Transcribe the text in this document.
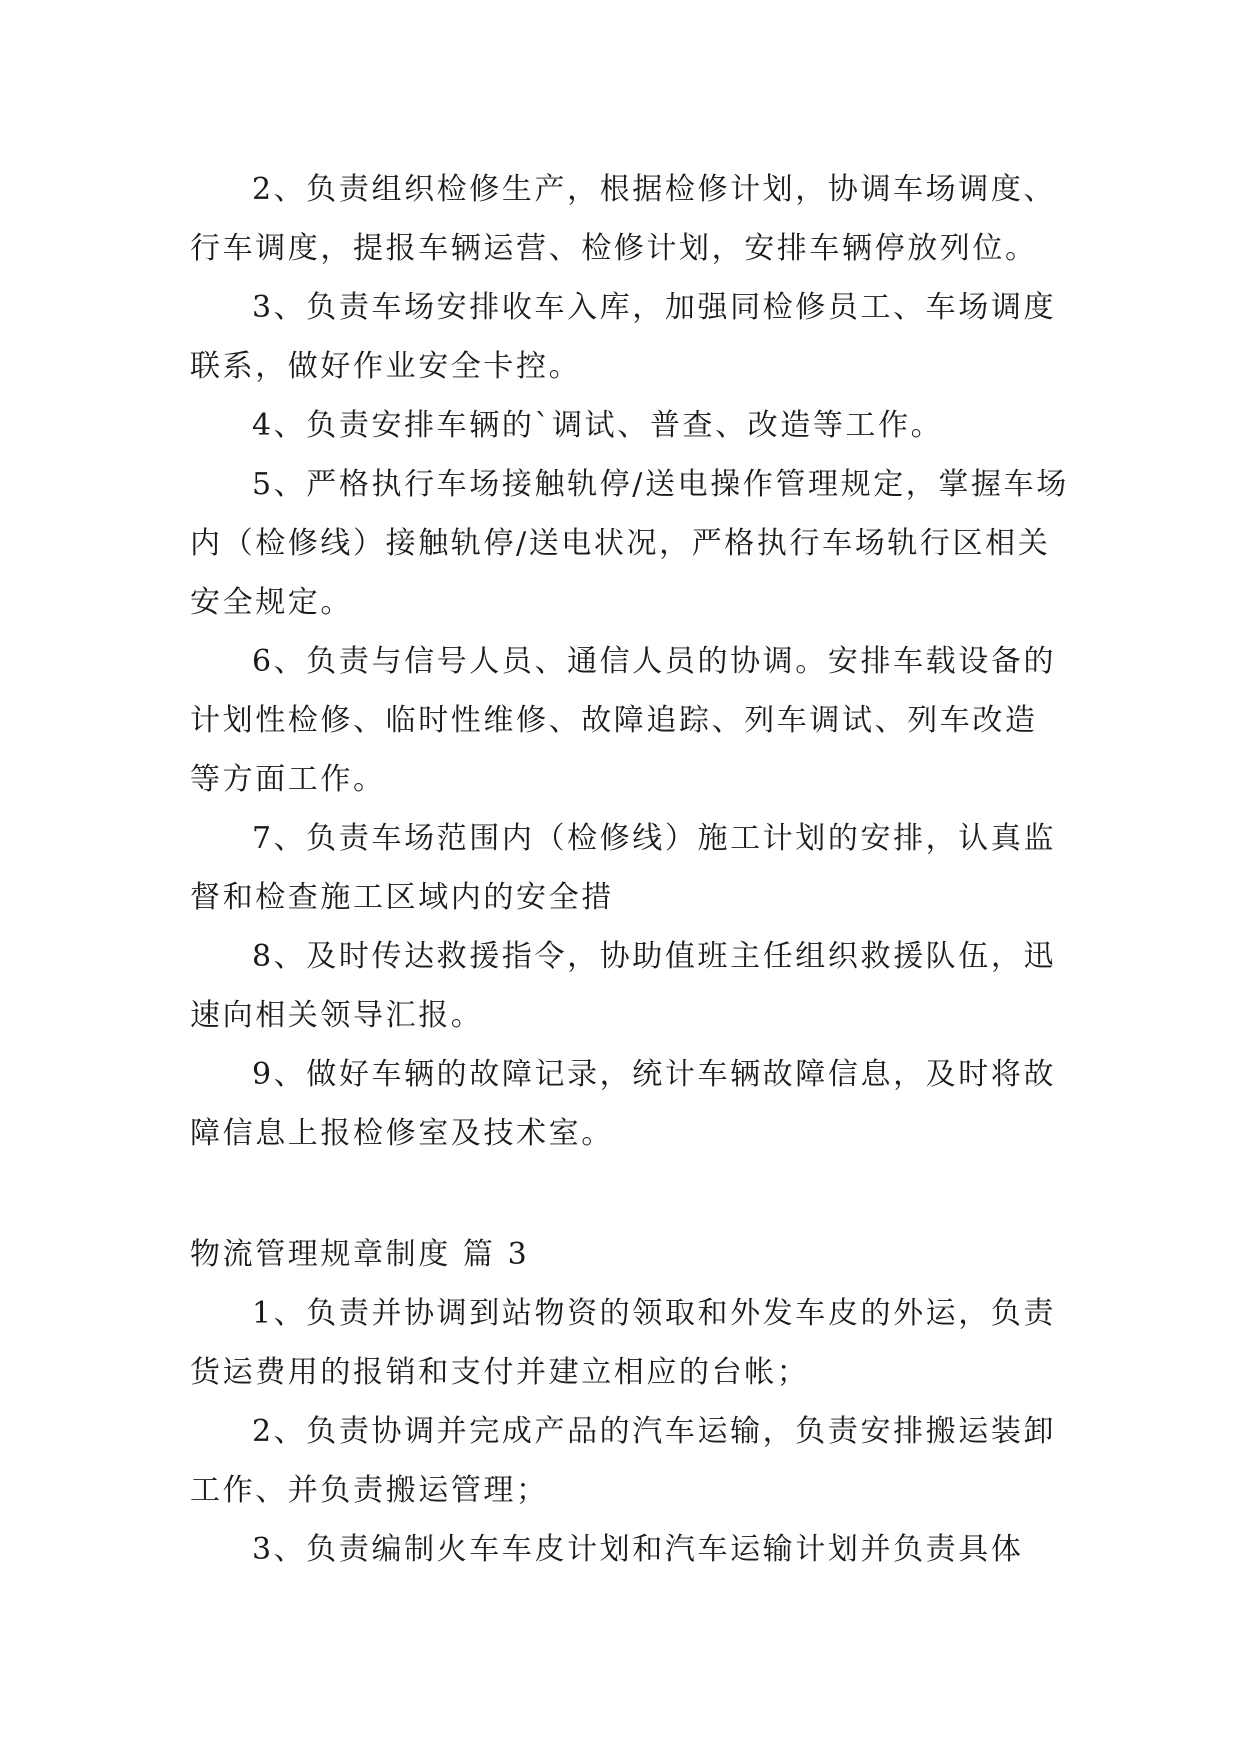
2、负责组织检修生产，根据检修计划，协调车场调度、行车调度，提报车辆运营、检修计划，安排车辆停放列位。

3、负责车场安排收车入库，加强同检修员工、车场调度联系，做好作业安全卡控。

4、负责安排车辆的`调试、普查、改造等工作。

5、严格执行车场接触轨停/送电操作管理规定，掌握车场内（检修线）接触轨停/送电状况，严格执行车场轨行区相关安全规定。

6、负责与信号人员、通信人员的协调。安排车载设备的计划性检修、临时性维修、故障追踪、列车调试、列车改造等方面工作。

7、负责车场范围内（检修线）施工计划的安排，认真监督和检查施工区域内的安全措

8、及时传达救援指令，协助值班主任组织救援队伍，迅速向相关领导汇报。

9、做好车辆的故障记录，统计车辆故障信息，及时将故障信息上报检修室及技术室。

物流管理规章制度 篇 3

1、负责并协调到站物资的领取和外发车皮的外运，负责货运费用的报销和支付并建立相应的台帐；

2、负责协调并完成产品的汽车运输，负责安排搬运装卸工作、并负责搬运管理；

3、负责编制火车车皮计划和汽车运输计划并负责具体
